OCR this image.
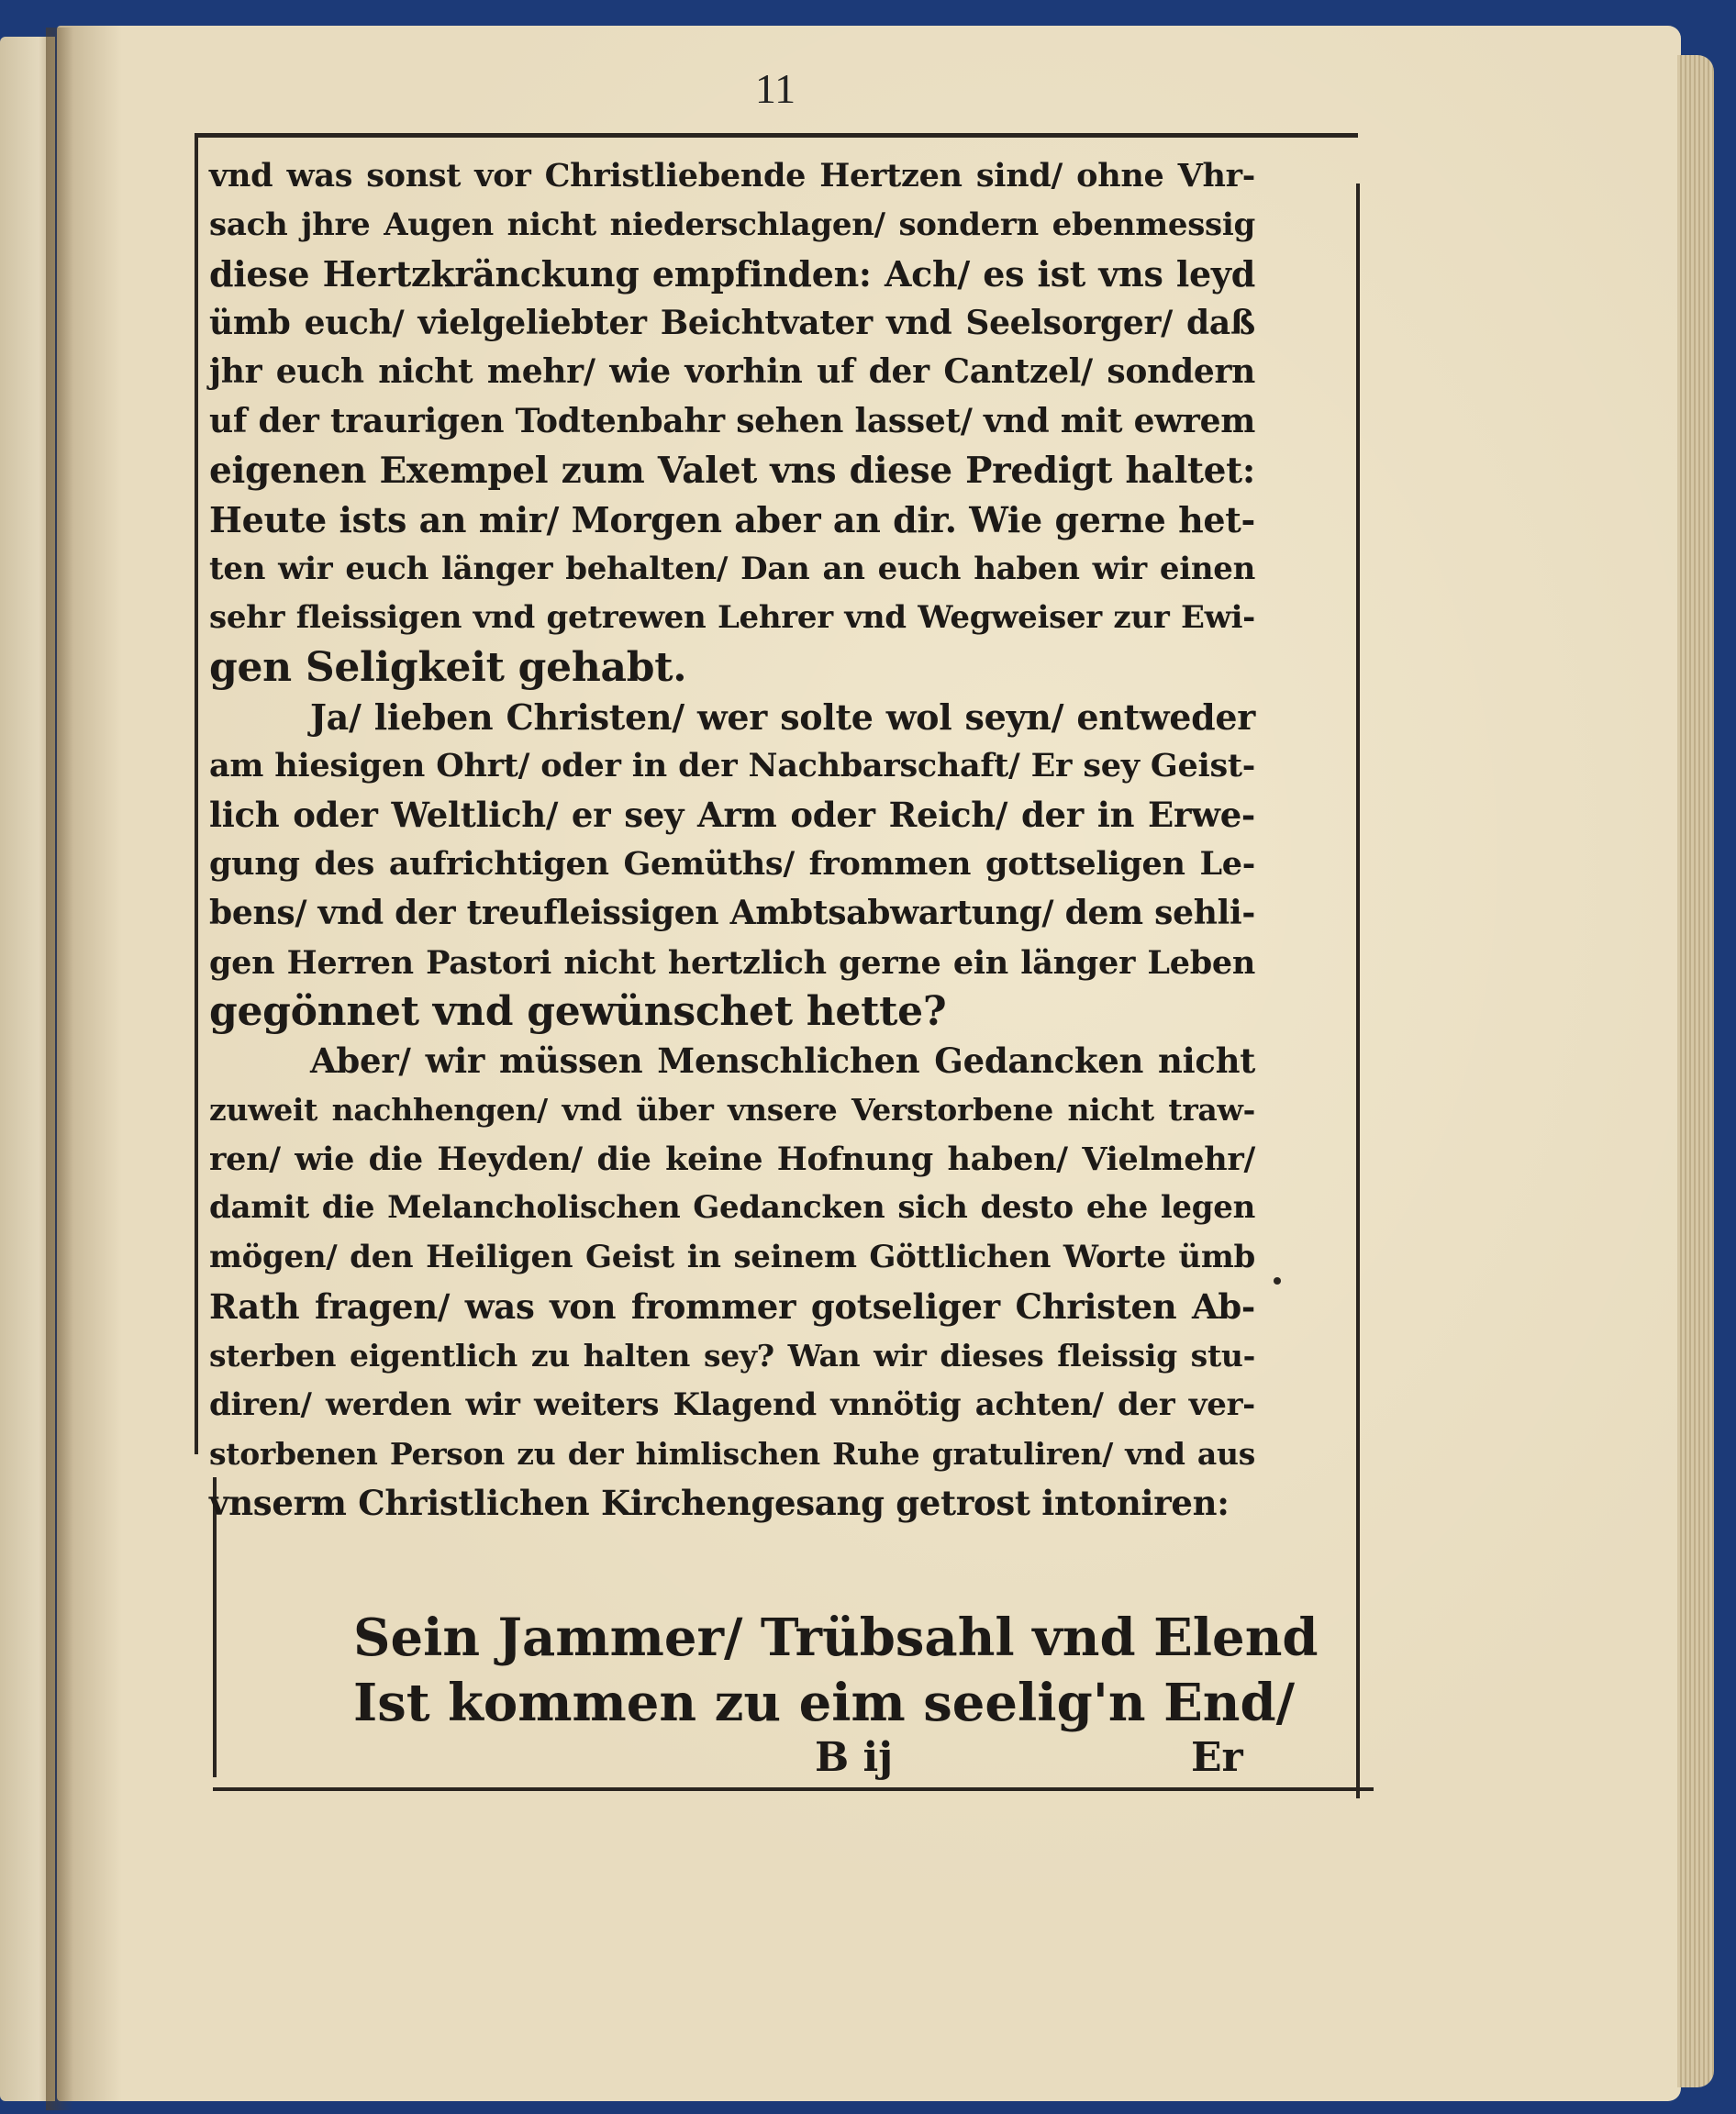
11
vnd was sonst vor Christliebende Hertzen sind/ ohne Vhr-
sach jhre Augen nicht niederschlagen/ sondern ebenmessig
diese Hertzkränckung empfinden: Ach/ es ist vns leyd
ümb euch/ vielgeliebter Beichtvater vnd Seelsorger/ daß
jhr euch nicht mehr/ wie vorhin uf der Cantzel/ sondern
uf der traurigen Todtenbahr sehen lasset/ vnd mit ewrem
eigenen Exempel zum Valet vns diese Predigt haltet:
Heute ists an mir/ Morgen aber an dir. Wie gerne het-
ten wir euch länger behalten/ Dan an euch haben wir einen
sehr fleissigen vnd getrewen Lehrer vnd Wegweiser zur Ewi-
gen Seligkeit gehabt.
Ja/ lieben Christen/ wer solte wol seyn/ entweder
am hiesigen Ohrt/ oder in der Nachbarschaft/ Er sey Geist-
lich oder Weltlich/ er sey Arm oder Reich/ der in Erwe-
gung des aufrichtigen Gemüths/ frommen gottseligen Le-
bens/ vnd der treufleissigen Ambtsabwartung/ dem sehli-
gen Herren Pastori nicht hertzlich gerne ein länger Leben
gegönnet vnd gewünschet hette?
Aber/ wir müssen Menschlichen Gedancken nicht
zuweit nachhengen/ vnd über vnsere Verstorbene nicht traw-
ren/ wie die Heyden/ die keine Hofnung haben/ Vielmehr/
damit die Melancholischen Gedancken sich desto ehe legen
mögen/ den Heiligen Geist in seinem Göttlichen Worte ümb
Rath fragen/ was von frommer gotseliger Christen Ab-
sterben eigentlich zu halten sey? Wan wir dieses fleissig stu-
diren/ werden wir weiters Klagend vnnötig achten/ der ver-
storbenen Person zu der himlischen Ruhe gratuliren/ vnd aus
vnserm Christlichen Kirchengesang getrost intoniren:
Sein Jammer/ Trübsahl vnd Elend
Ist kommen zu eim seelig'n End/
B ij	Er
